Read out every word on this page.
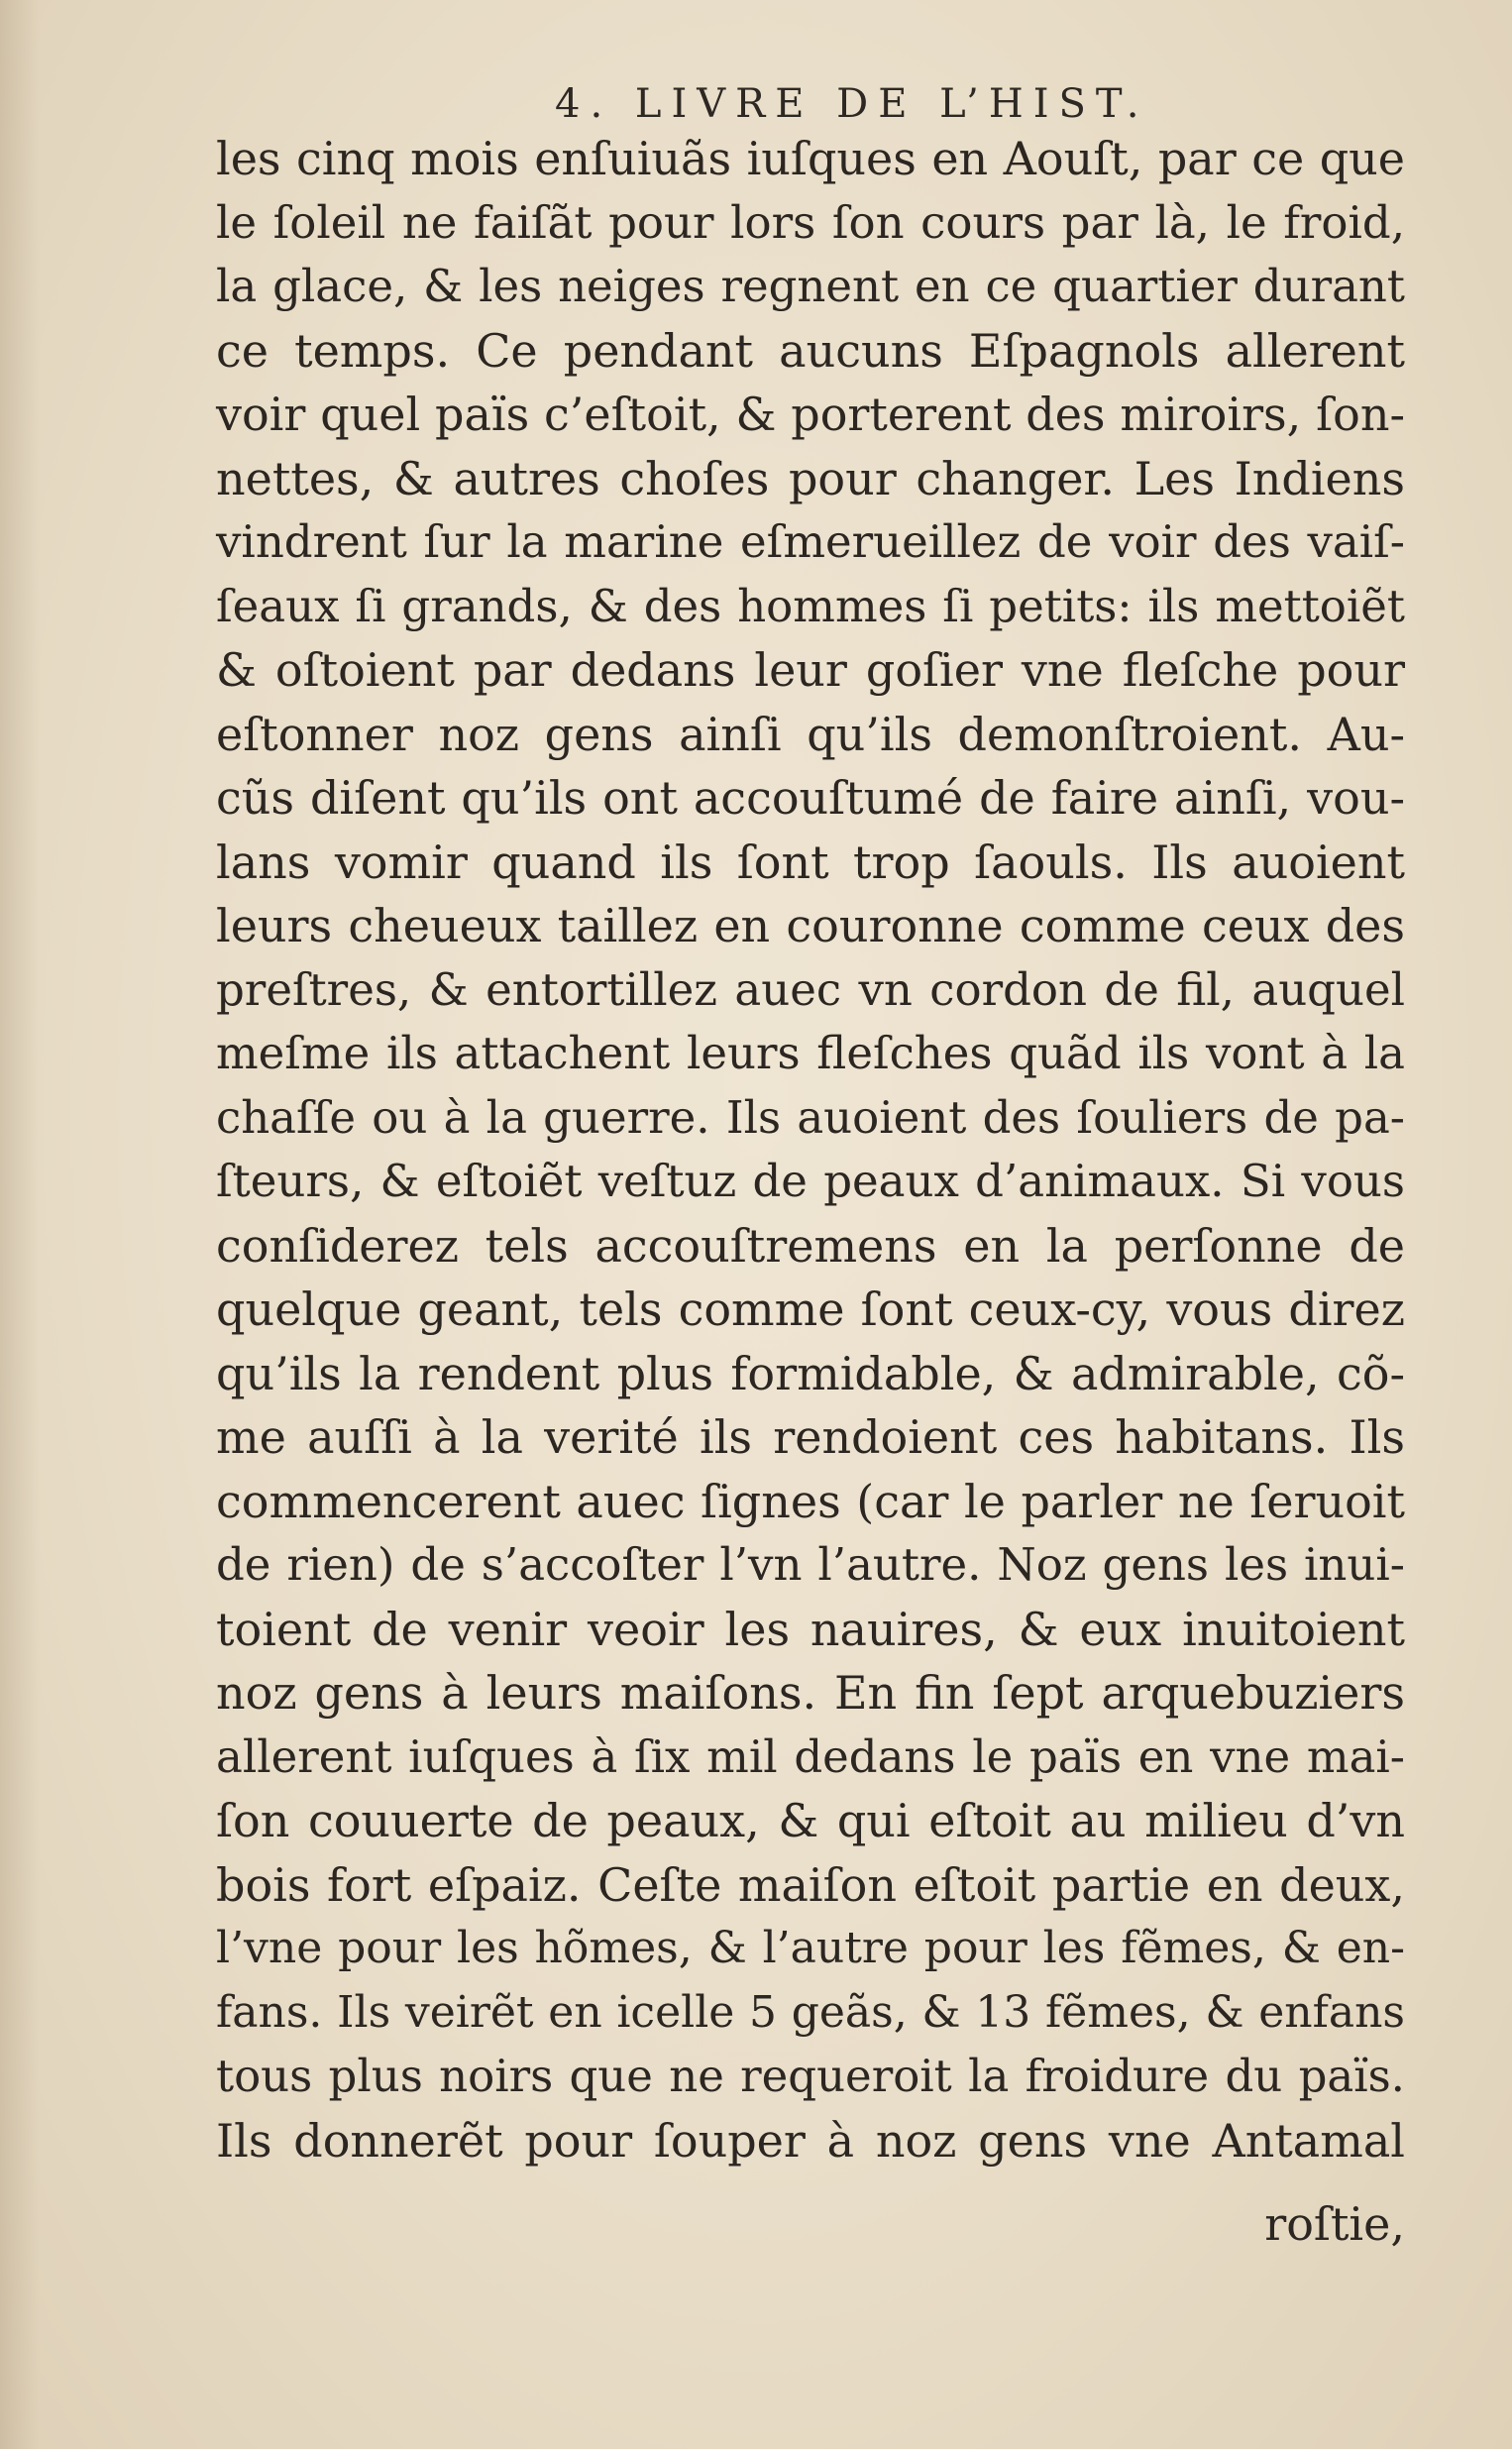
4. LIVRE DE L’HIST.
les cinq mois enſuiuãs iuſques en Aouſt, par ce que
le ſoleil ne faiſãt pour lors ſon cours par là, le froid,
la glace, & les neiges regnent en ce quartier durant
ce temps. Ce pendant aucuns Eſpagnols allerent
voir quel païs c’eſtoit, & porterent des miroirs, ſon-
nettes, & autres choſes pour changer. Les Indiens
vindrent ſur la marine eſmerueillez de voir des vaiſ-
ſeaux ſi grands, & des hommes ſi petits: ils mettoiẽt
& oſtoient par dedans leur goſier vne fleſche pour
eſtonner noz gens ainſi qu’ils demonſtroient. Au-
cũs diſent qu’ils ont accouſtumé de faire ainſi, vou-
lans vomir quand ils ſont trop ſaouls. Ils auoient
leurs cheueux taillez en couronne comme ceux des
preſtres, & entortillez auec vn cordon de fil, auquel
meſme ils attachent leurs fleſches quãd ils vont à la
chaſſe ou à la guerre. Ils auoient des ſouliers de pa-
ſteurs, & eſtoiẽt veſtuz de peaux d’animaux. Si vous
conſiderez tels accouſtremens en la perſonne de
quelque geant, tels comme ſont ceux-cy, vous direz
qu’ils la rendent plus formidable, & admirable, cõ-
me auſſi à la verité ils rendoient ces habitans. Ils
commencerent auec ſignes (car le parler ne ſeruoit
de rien) de s’accoſter l’vn l’autre. Noz gens les inui-
toient de venir veoir les nauires, & eux inuitoient
noz gens à leurs maiſons. En fin ſept arquebuziers
allerent iuſques à ſix mil dedans le païs en vne mai-
ſon couuerte de peaux, & qui eſtoit au milieu d’vn
bois fort eſpaiz. Ceſte maiſon eſtoit partie en deux,
l’vne pour les hõmes, & l’autre pour les fẽmes, & en-
fans. Ils veirẽt en icelle 5 geãs, & 13 fẽmes, & enfans
tous plus noirs que ne requeroit la froidure du païs.
Ils donnerẽt pour ſouper à noz gens vne Antamal
roſtie,
